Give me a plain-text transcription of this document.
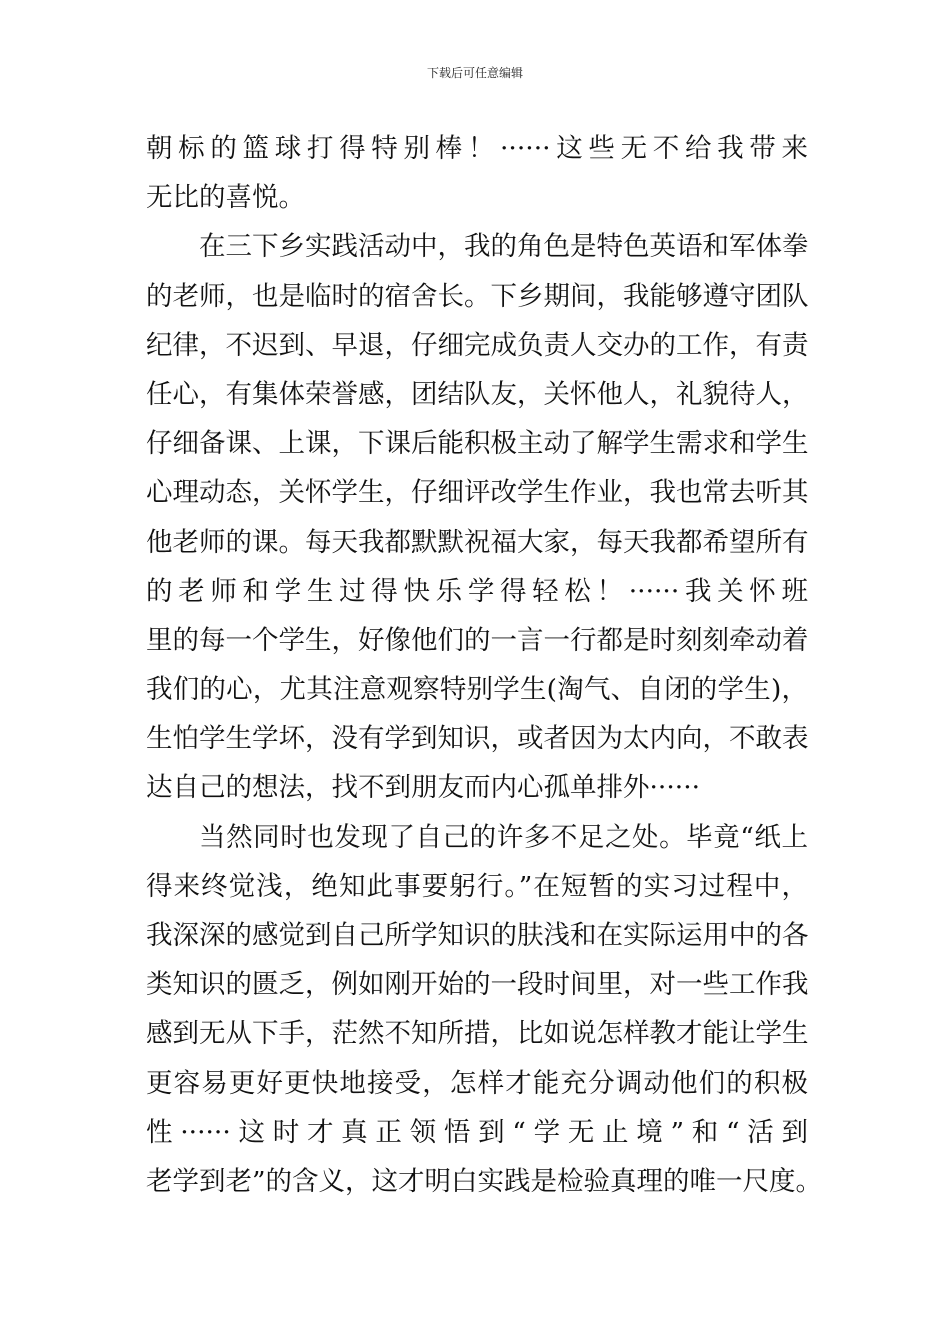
下载后可任意编辑
朝标的篮球打得特别棒！······这些无不给我带来
无比的喜悦。
在三下乡实践活动中，我的角色是特色英语和军体拳
的老师，也是临时的宿舍长。下乡期间，我能够遵守团队
纪律，不迟到、早退，仔细完成负责人交办的工作，有责
任心，有集体荣誉感，团结队友，关怀他人，礼貌待人，
仔细备课、上课，下课后能积极主动了解学生需求和学生
心理动态，关怀学生，仔细评改学生作业，我也常去听其
他老师的课。每天我都默默祝福大家，每天我都希望所有
的老师和学生过得快乐学得轻松！······我关怀班
里的每一个学生，好像他们的一言一行都是时刻刻牵动着
我们的心，尤其注意观察特别学生(淘气、自闭的学生)，
生怕学生学坏，没有学到知识，或者因为太内向，不敢表
达自己的想法，找不到朋友而内心孤单排外······
当然同时也发现了自己的许多不足之处。毕竟“纸上
得来终觉浅，绝知此事要躬行。”在短暂的实习过程中，
我深深的感觉到自己所学知识的肤浅和在实际运用中的各
类知识的匮乏，例如刚开始的一段时间里，对一些工作我
感到无从下手，茫然不知所措，比如说怎样教才能让学生
更容易更好更快地接受，怎样才能充分调动他们的积极
性······这时才真正领悟到“学无止境”和“活到
老学到老”的含义，这才明白实践是检验真理的唯一尺度。
